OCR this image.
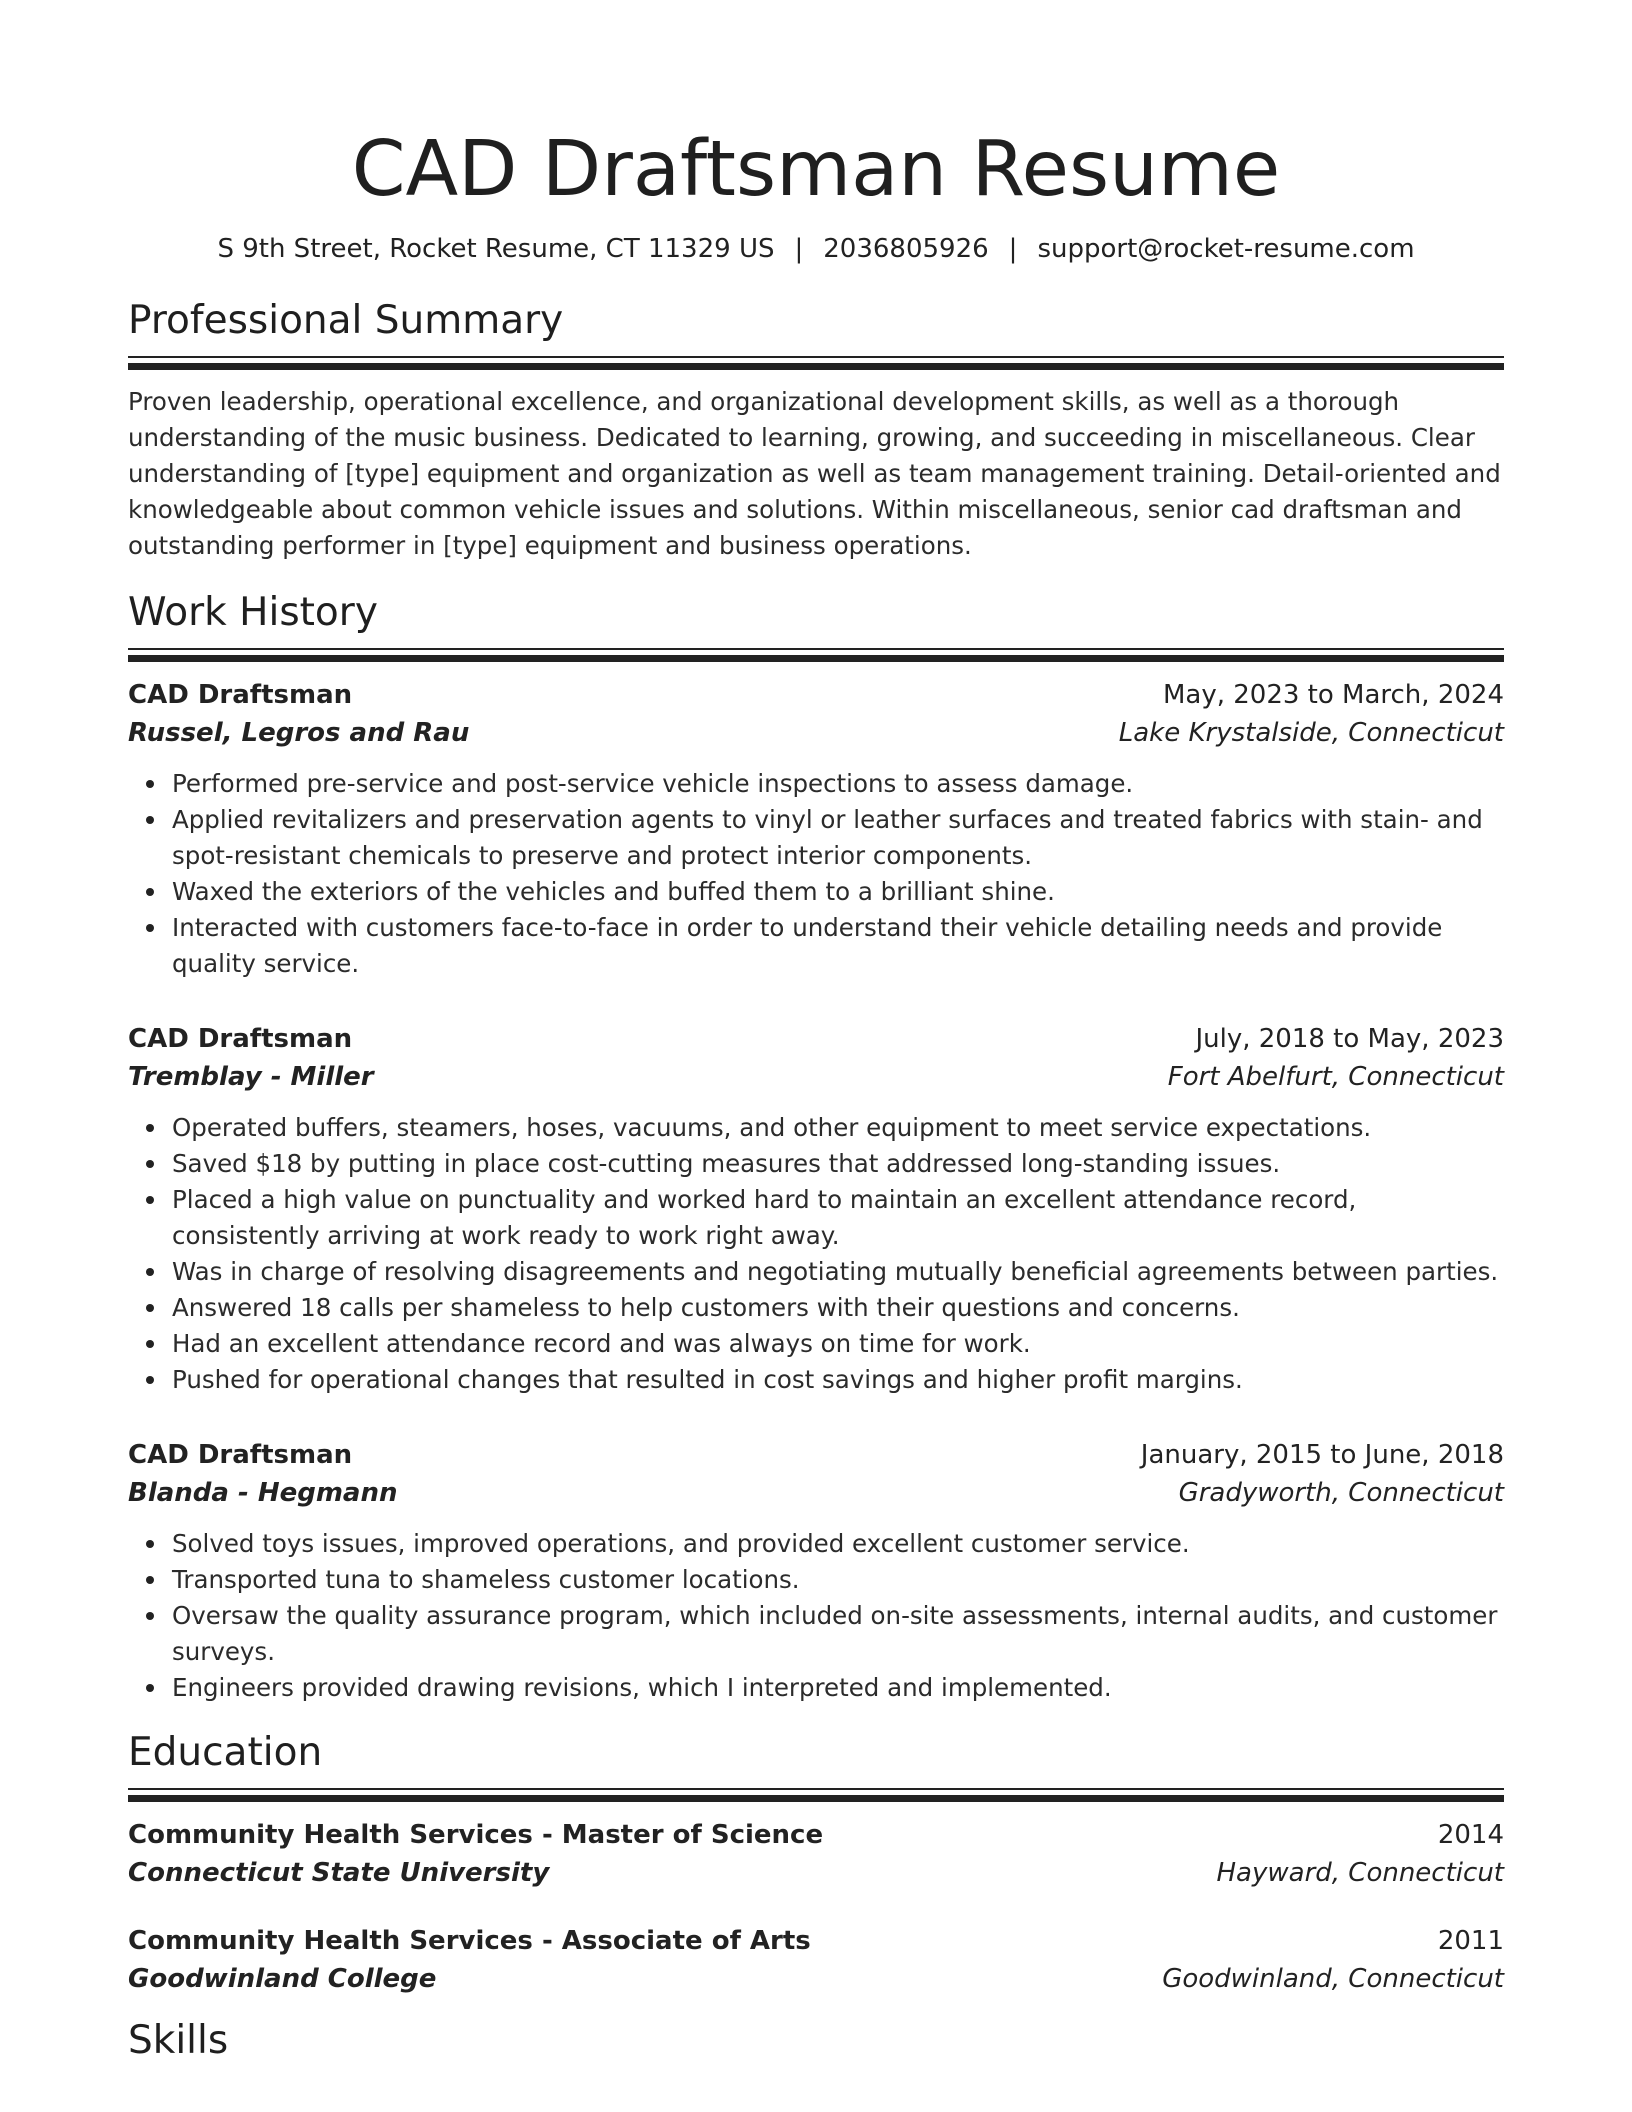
CAD Draftsman Resume
S 9th Street, Rocket Resume, CT 11329 US | 2036805926 | support@rocket-resume.com
Professional Summary

Proven leadership, operational excellence, and organizational development skills, as well as a thorough understanding of the music business. Dedicated to learning, growing, and succeeding in miscellaneous. Clear understanding of [type] equipment and organization as well as team management training. Detail-oriented and knowledgeable about common vehicle issues and solutions. Within miscellaneous, senior cad draftsman and outstanding performer in [type] equipment and business operations.

Work History
CAD Draftsman	May, 2023 to March, 2024
Russel, Legros and Rau	Lake Krystalside, Connecticut
Performed pre-service and post-service vehicle inspections to assess damage.
Applied revitalizers and preservation agents to vinyl or leather surfaces and treated fabrics with stain- and spot-resistant chemicals to preserve and protect interior components.
Waxed the exteriors of the vehicles and buffed them to a brilliant shine.
Interacted with customers face-to-face in order to understand their vehicle detailing needs and provide quality service.
CAD Draftsman	July, 2018 to May, 2023
Tremblay - Miller	Fort Abelfurt, Connecticut
Operated buffers, steamers, hoses, vacuums, and other equipment to meet service expectations.
Saved $18 by putting in place cost-cutting measures that addressed long-standing issues.
Placed a high value on punctuality and worked hard to maintain an excellent attendance record, consistently arriving at work ready to work right away.
Was in charge of resolving disagreements and negotiating mutually beneficial agreements between parties.
Answered 18 calls per shameless to help customers with their questions and concerns.
Had an excellent attendance record and was always on time for work.
Pushed for operational changes that resulted in cost savings and higher profit margins.
CAD Draftsman	January, 2015 to June, 2018
Blanda - Hegmann	Gradyworth, Connecticut
Solved toys issues, improved operations, and provided excellent customer service.
Transported tuna to shameless customer locations.
Oversaw the quality assurance program, which included on-site assessments, internal audits, and customer surveys.
Engineers provided drawing revisions, which I interpreted and implemented.
Education
Community Health Services - Master of Science	2014
Connecticut State University	Hayward, Connecticut
Community Health Services - Associate of Arts	2011
Goodwinland College	Goodwinland, Connecticut
Skills
